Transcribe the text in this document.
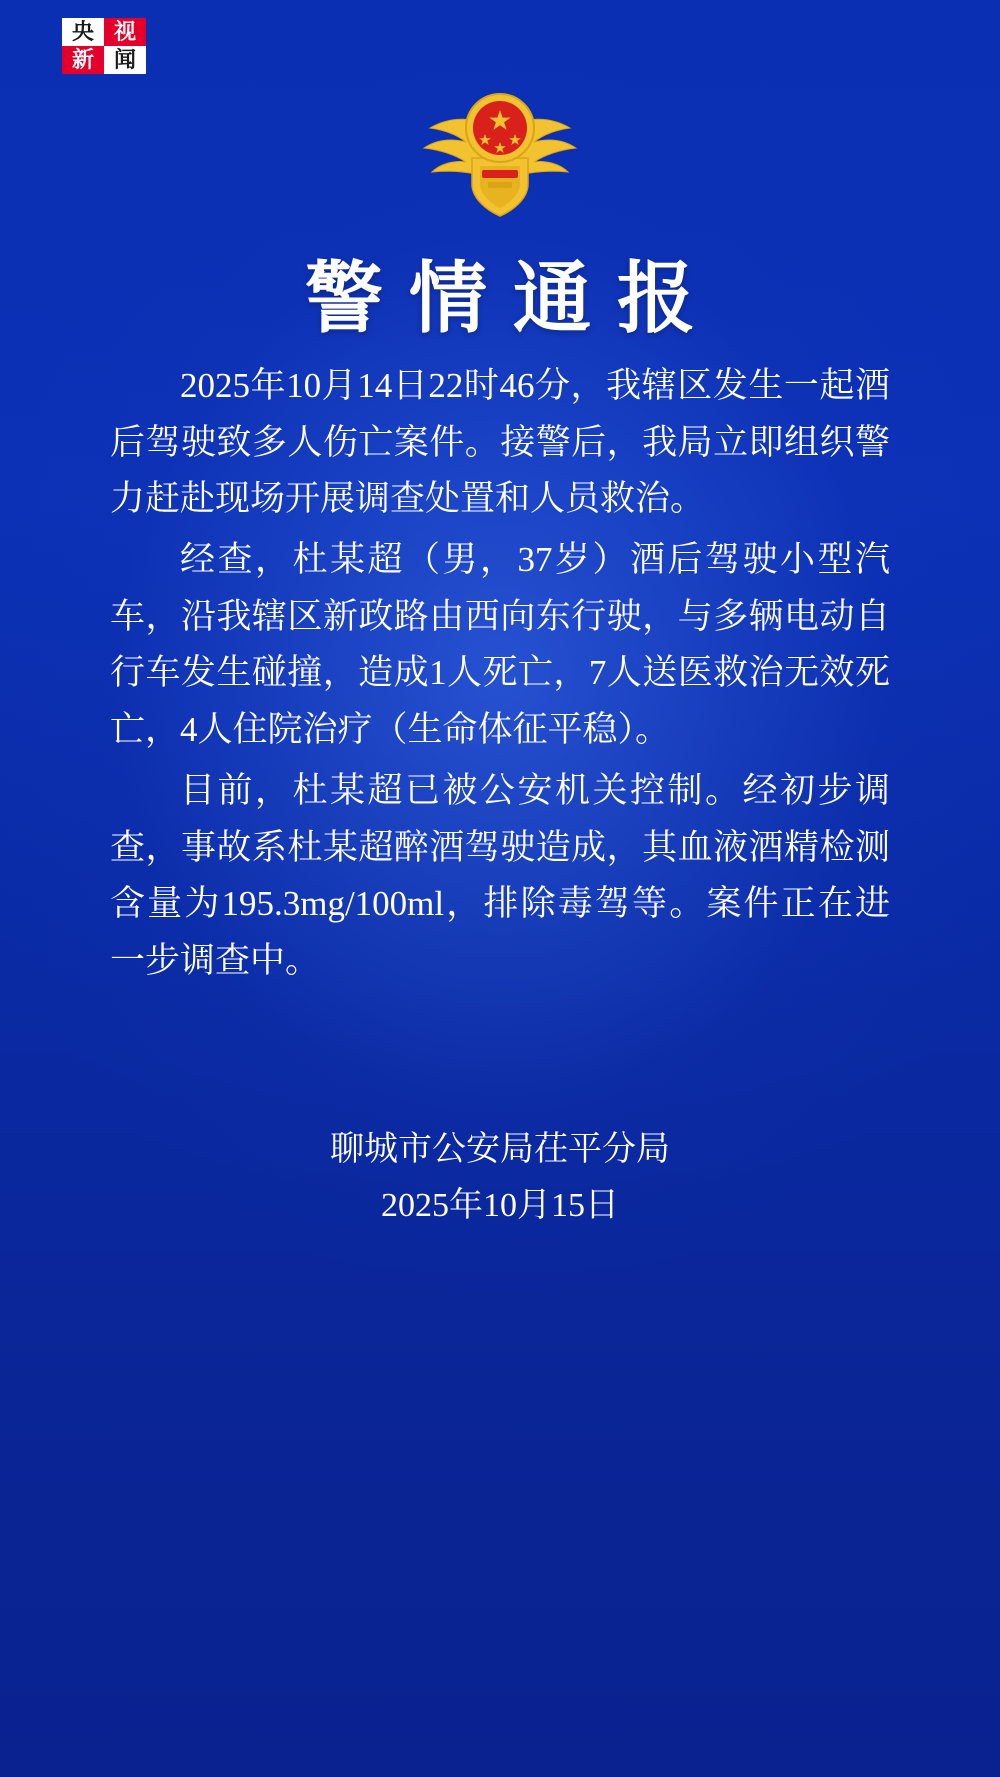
央 视
新 闻
警情通报

2025年10月14日22时46分，我辖区发生一起酒后驾驶致多人伤亡案件。接警后，我局立即组织警力赶赴现场开展调查处置和人员救治。

经查，杜某超（男，37岁）酒后驾驶小型汽车，沿我辖区新政路由西向东行驶，与多辆电动自行车发生碰撞，造成1人死亡，7人送医救治无效死亡，4人住院治疗（生命体征平稳）。

目前，杜某超已被公安机关控制。经初步调查，事故系杜某超醉酒驾驶造成，其血液酒精检测含量为195.3mg/100ml，排除毒驾等。案件正在进一步调查中。

聊城市公安局茌平分局
2025年10月15日
